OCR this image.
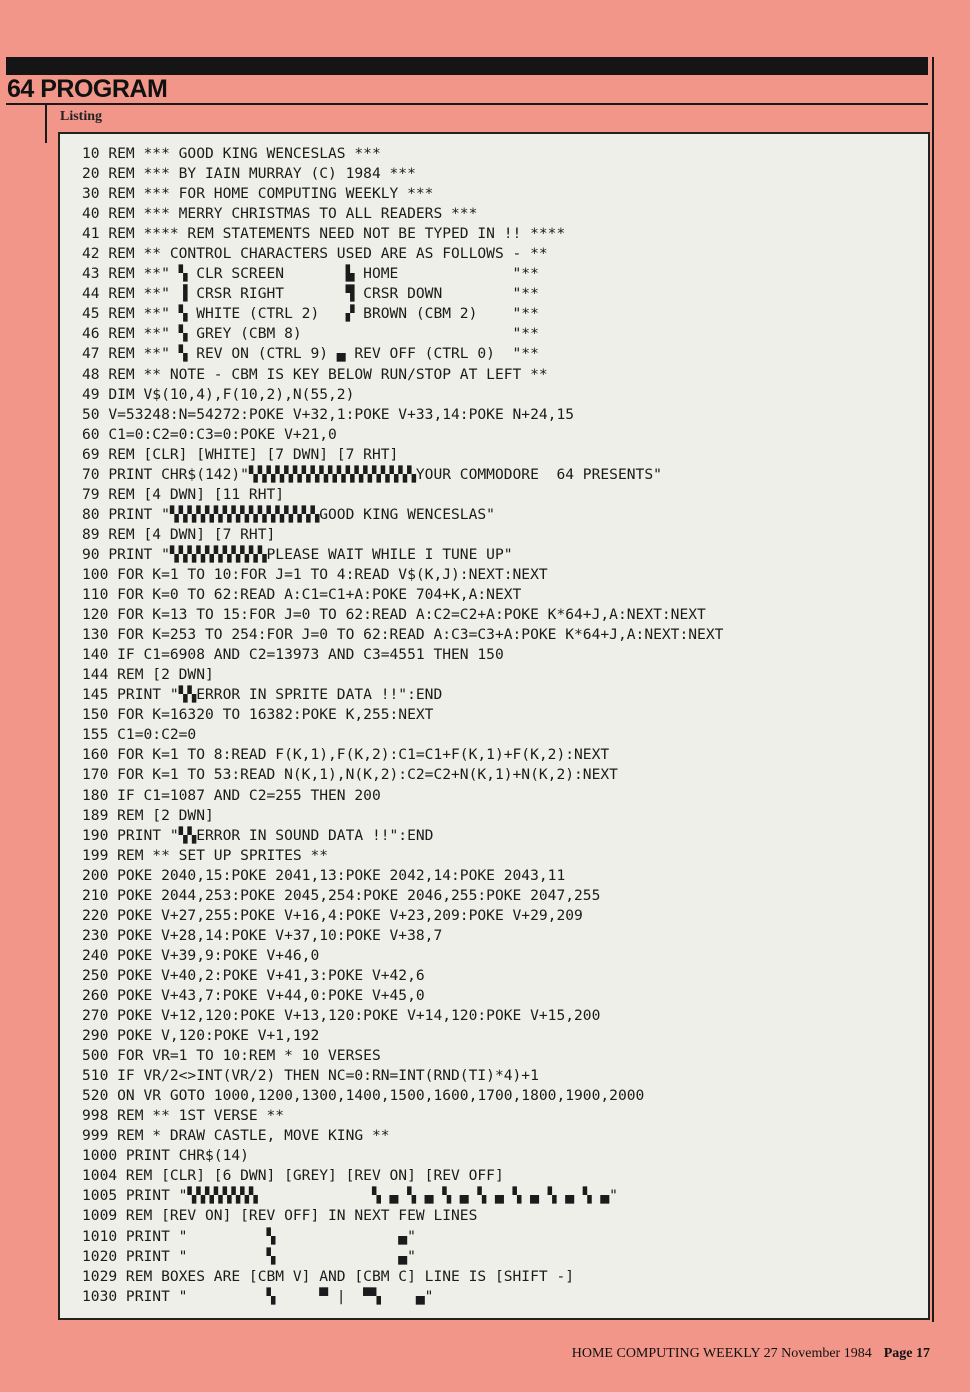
64 PROGRAM
Listing
10 REM *** GOOD KING WENCESLAS ***
20 REM *** BY IAIN MURRAY (C) 1984 ***
30 REM *** FOR HOME COMPUTING WEEKLY ***
40 REM *** MERRY CHRISTMAS TO ALL READERS ***
41 REM **** REM STATEMENTS NEED NOT BE TYPED IN !! ****
42 REM ** CONTROL CHARACTERS USED ARE AS FOLLOWS - **
43 REM **" ▚ CLR SCREEN       ▙ HOME             "**
44 REM **" ▐ CRSR RIGHT       ▜ CRSR DOWN        "**
45 REM **" ▚ WHITE (CTRL 2)   ▞ BROWN (CBM 2)    "**
46 REM **" ▚ GREY (CBM 8)                        "**
47 REM **" ▚ REV ON (CTRL 9) ▄ REV OFF (CTRL 0)  "**
48 REM ** NOTE - CBM IS KEY BELOW RUN/STOP AT LEFT **
49 DIM V$(10,4),F(10,2),N(55,2)
50 V=53248:N=54272:POKE V+32,1:POKE V+33,14:POKE N+24,15
60 C1=0:C2=0:C3=0:POKE V+21,0
69 REM [CLR] [WHITE] [7 DWN] [7 RHT]
70 PRINT CHR$(142)"▚▚▚▚▚▚▚▚▚▚▚▚▚▚▚▚▚▚▚YOUR COMMODORE  64 PRESENTS"
79 REM [4 DWN] [11 RHT]
80 PRINT "▚▚▚▚▚▚▚▚▚▚▚▚▚▚▚▚▚GOOD KING WENCESLAS"
89 REM [4 DWN] [7 RHT]
90 PRINT "▚▚▚▚▚▚▚▚▚▚▚PLEASE WAIT WHILE I TUNE UP"
100 FOR K=1 TO 10:FOR J=1 TO 4:READ V$(K,J):NEXT:NEXT
110 FOR K=0 TO 62:READ A:C1=C1+A:POKE 704+K,A:NEXT
120 FOR K=13 TO 15:FOR J=0 TO 62:READ A:C2=C2+A:POKE K*64+J,A:NEXT:NEXT
130 FOR K=253 TO 254:FOR J=0 TO 62:READ A:C3=C3+A:POKE K*64+J,A:NEXT:NEXT
140 IF C1=6908 AND C2=13973 AND C3=4551 THEN 150
144 REM [2 DWN]
145 PRINT "▚▚ERROR IN SPRITE DATA !!":END
150 FOR K=16320 TO 16382:POKE K,255:NEXT
155 C1=0:C2=0
160 FOR K=1 TO 8:READ F(K,1),F(K,2):C1=C1+F(K,1)+F(K,2):NEXT
170 FOR K=1 TO 53:READ N(K,1),N(K,2):C2=C2+N(K,1)+N(K,2):NEXT
180 IF C1=1087 AND C2=255 THEN 200
189 REM [2 DWN]
190 PRINT "▚▚ERROR IN SOUND DATA !!":END
199 REM ** SET UP SPRITES **
200 POKE 2040,15:POKE 2041,13:POKE 2042,14:POKE 2043,11
210 POKE 2044,253:POKE 2045,254:POKE 2046,255:POKE 2047,255
220 POKE V+27,255:POKE V+16,4:POKE V+23,209:POKE V+29,209
230 POKE V+28,14:POKE V+37,10:POKE V+38,7
240 POKE V+39,9:POKE V+46,0
250 POKE V+40,2:POKE V+41,3:POKE V+42,6
260 POKE V+43,7:POKE V+44,0:POKE V+45,0
270 POKE V+12,120:POKE V+13,120:POKE V+14,120:POKE V+15,200
290 POKE V,120:POKE V+1,192
500 FOR VR=1 TO 10:REM * 10 VERSES
510 IF VR/2<>INT(VR/2) THEN NC=0:RN=INT(RND(TI)*4)+1
520 ON VR GOTO 1000,1200,1300,1400,1500,1600,1700,1800,1900,2000
998 REM ** 1ST VERSE **
999 REM * DRAW CASTLE, MOVE KING **
1000 PRINT CHR$(14)
1004 REM [CLR] [6 DWN] [GREY] [REV ON] [REV OFF]
1005 PRINT "▚▚▚▚▚▚▚▚             ▚ ▄ ▚ ▄ ▚ ▄ ▚ ▄ ▚ ▄ ▚ ▄ ▚ ▄"
1009 REM [REV ON] [REV OFF] IN NEXT FEW LINES
1010 PRINT "         ▚              ▄"
1020 PRINT "         ▚              ▄"
1029 REM BOXES ARE [CBM V] AND [CBM C] LINE IS [SHIFT -]
1030 PRINT "         ▚     ▀ |  ▀▚    ▄"
HOME COMPUTING WEEKLY 27 November 1984 Page 17
